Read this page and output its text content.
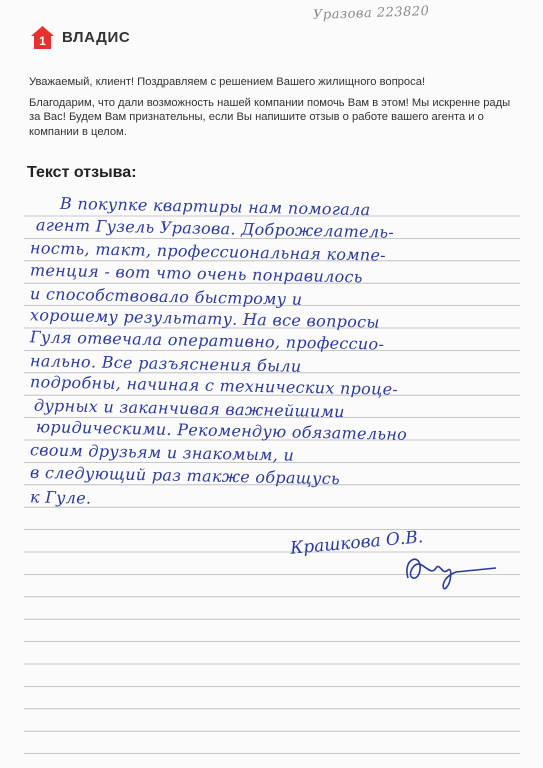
1 ВЛАДИС
Уразова 223820

Уважаемый, клиент! Поздравляем с решением Вашего жилищного вопроса!

Благодарим, что дали возможность нашей компании помочь Вам в этом! Мы искренне рады за Вас! Будем Вам признательны, если Вы напишите отзыв о работе вашего агента и о компании в целом.

Текст отзыва:
В покупке квартиры нам помогала
агент Гузель Уразова. Доброжелатель-
ность, такт, профессиональная компе-
тенция - вот что очень понравилось
и способствовало быстрому и
хорошему результату. На все вопросы
Гуля отвечала оперативно, профессио-
нально. Все разъяснения были
подробны, начиная с технических проце-
дурных и заканчивая важнейшими
юридическими. Рекомендую обязательно
своим друзьям и знакомым, и
в следующий раз также обращусь
к Гуле.
Крашкова О.В.
